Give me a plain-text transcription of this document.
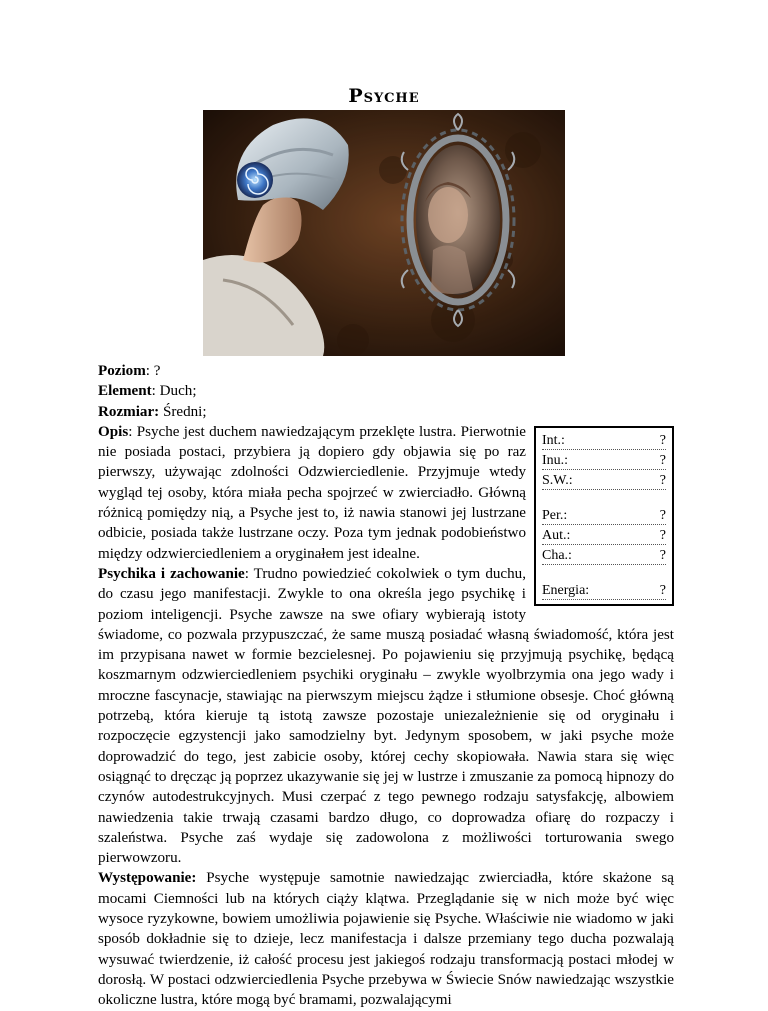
Psyche

Poziom: ?

Element: Duch;

Rozmiar: Średni;

Int.:	?
Inu.:	?
S.W.:	?
Per.:	?
Aut.:	?
Cha.:	?
Energia:	?

Opis: Psyche jest duchem nawiedzającym przeklęte lustra. Pierwotnie nie posiada postaci, przybiera ją dopiero gdy objawia się po raz pierwszy, używając zdolności Odzwierciedlenie. Przyjmuje wtedy wygląd tej osoby, która miała pecha spojrzeć w zwierciadło. Główną różnicą pomiędzy nią, a Psyche jest to, iż nawia stanowi jej lustrzane odbicie, posiada także lustrzane oczy. Poza tym jednak podobieństwo między odzwierciedleniem a oryginałem jest idealne.

Psychika i zachowanie: Trudno powiedzieć cokolwiek o tym duchu, do czasu jego manifestacji. Zwykle to ona określa jego psychikę i poziom inteligencji. Psyche zawsze na swe ofiary wybierają istoty świadome, co pozwala przypuszczać, że same muszą posiadać własną świadomość, która jest im przypisana nawet w formie bezcielesnej. Po pojawieniu się przyjmują psychikę, będącą koszmarnym odzwierciedleniem psychiki oryginału – zwykle wyolbrzymia ona jego wady i mroczne fascynacje, stawiając na pierwszym miejscu żądze i stłumione obsesje. Choć główną potrzebą, która kieruje tą istotą zawsze pozostaje uniezależnienie się od oryginału i rozpoczęcie egzystencji jako samodzielny byt. Jedynym sposobem, w jaki psyche może doprowadzić do tego, jest zabicie osoby, której cechy skopiowała. Nawia stara się więc osiągnąć to dręcząc ją poprzez ukazywanie się jej w lustrze i zmuszanie za pomocą hipnozy do czynów autodestrukcyjnych. Musi czerpać z tego pewnego rodzaju satysfakcję, albowiem nawiedzenia takie trwają czasami bardzo długo, co doprowadza ofiarę do rozpaczy i szaleństwa. Psyche zaś wydaje się zadowolona z możliwości torturowania swego pierwowzoru.

Występowanie: Psyche występuje samotnie nawiedzając zwierciadła, które skażone są mocami Ciemności lub na których ciąży klątwa. Przeglądanie się w nich może być więc wysoce ryzykowne, bowiem umożliwia pojawienie się Psyche. Właściwie nie wiadomo w jaki sposób dokładnie się to dzieje, lecz manifestacja i dalsze przemiany tego ducha pozwalają wysuwać twierdzenie, iż całość procesu jest jakiegoś rodzaju transformacją postaci młodej w dorosłą. W postaci odzwierciedlenia Psyche przebywa w Świecie Snów nawiedzając wszystkie okoliczne lustra, które mogą być bramami, pozwalającymi
